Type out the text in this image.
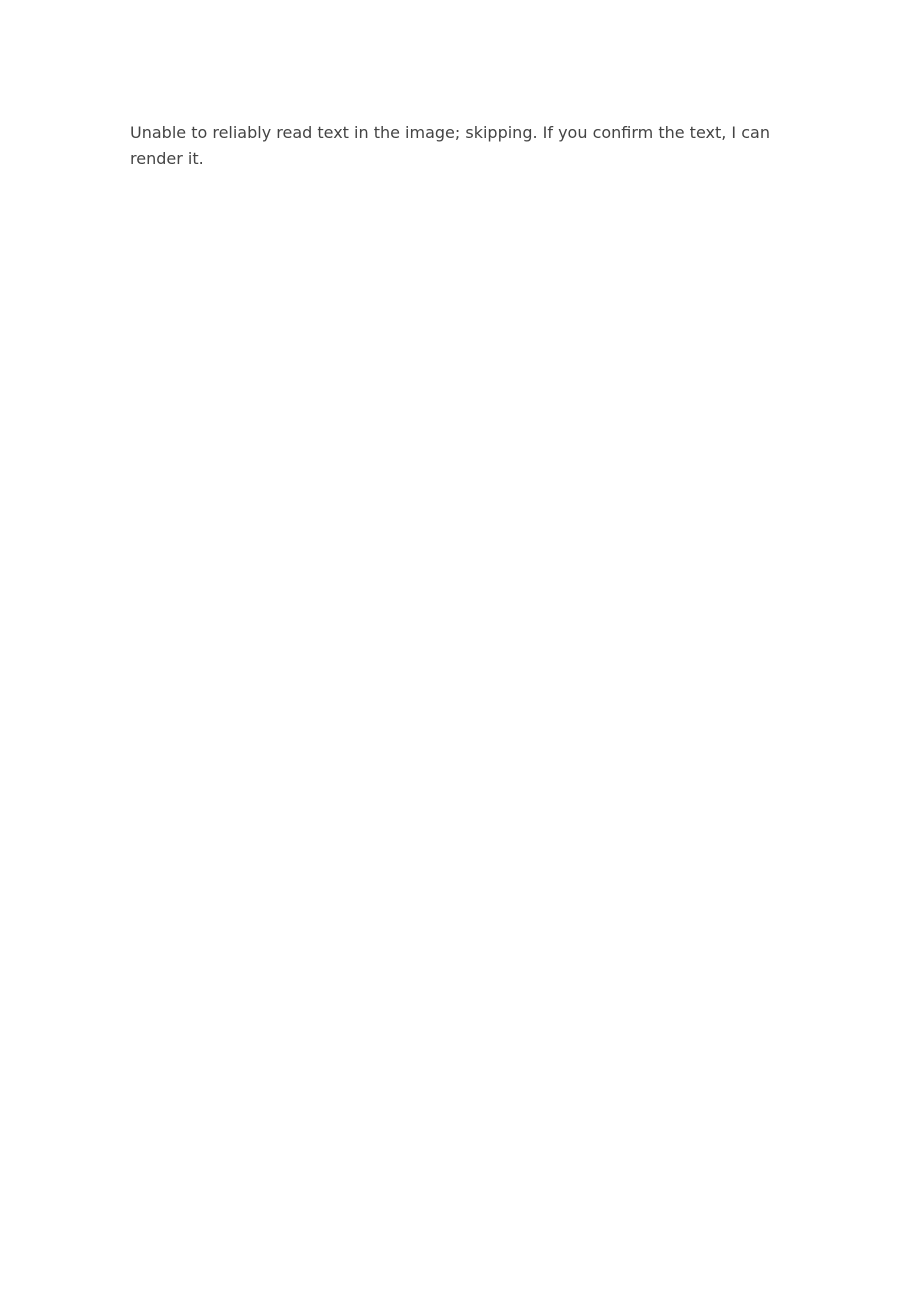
Unable to reliably read text in the image; skipping. If you confirm the text, I can render it.
